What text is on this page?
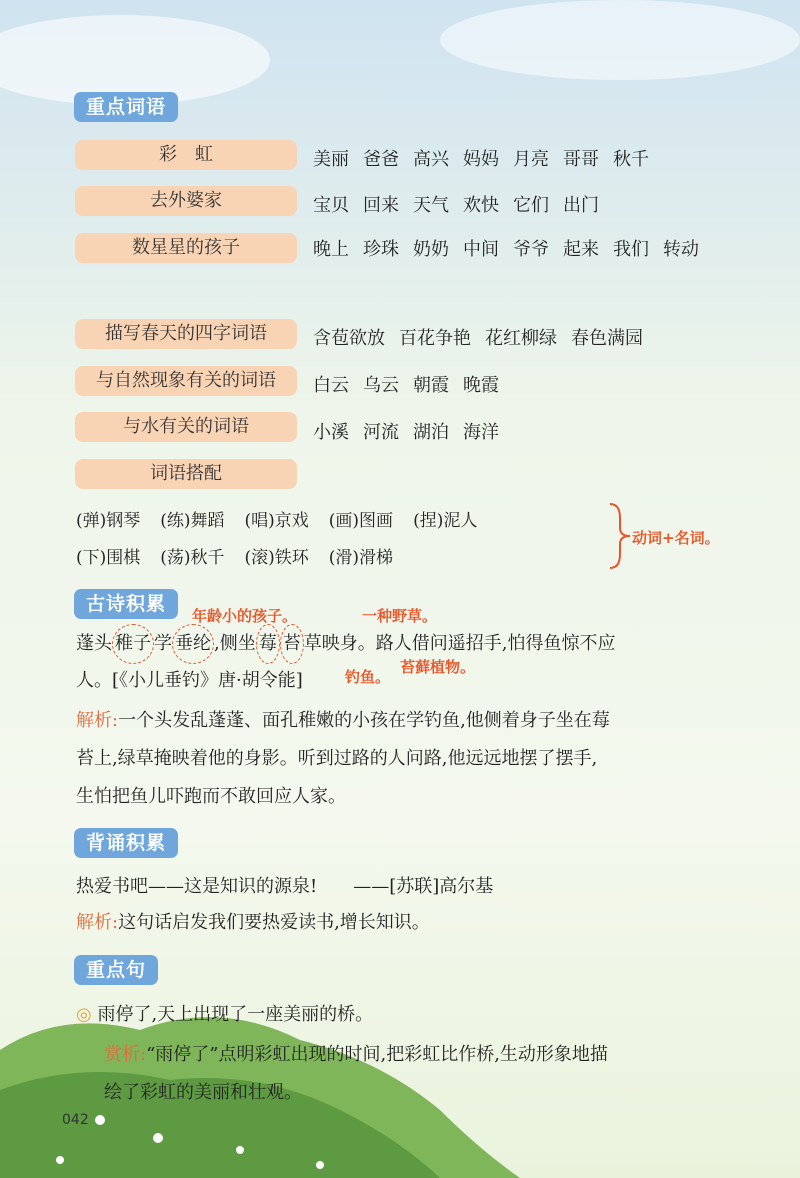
重点词语
彩　虹	美丽 爸爸 高兴 妈妈 月亮 哥哥 秋千
去外婆家	宝贝 回来 天气 欢快 它们 出门
数星星的孩子	晚上 珍珠 奶奶 中间 爷爷 起来 我们 转动
描写春天的四字词语	含苞欲放 百花争艳 花红柳绿 春色满园
与自然现象有关的词语	白云 乌云 朝霞 晚霞
与水有关的词语	小溪 河流 湖泊 海洋
词语搭配
(弹)钢琴 (练)舞蹈 (唱)京戏 (画)图画 (捏)泥人
(下)围棋 (荡)秋千 (滚)铁环 (滑)滑梯
动词+名词。
古诗积累
年龄小的孩子。	一种野草。
蓬头 稚子 学 垂纶 ,侧坐 莓 苔 草映身。路人借问遥招手,怕得鱼惊不应
人。[《小儿垂钓》唐·胡令能]	钓鱼。
苔藓植物。
解析:一个头发乱蓬蓬、面孔稚嫩的小孩在学钓鱼,他侧着身子坐在莓
苔上,绿草掩映着他的身影。听到过路的人问路,他远远地摆了摆手,
生怕把鱼儿吓跑而不敢回应人家。
背诵积累
热爱书吧——这是知识的源泉!　　——[苏联]高尔基
解析:这句话启发我们要热爱读书,增长知识。
重点句
◎ 雨停了,天上出现了一座美丽的桥。
赏析:“雨停了”点明彩虹出现的时间,把彩虹比作桥,生动形象地描
绘了彩虹的美丽和壮观。
042
